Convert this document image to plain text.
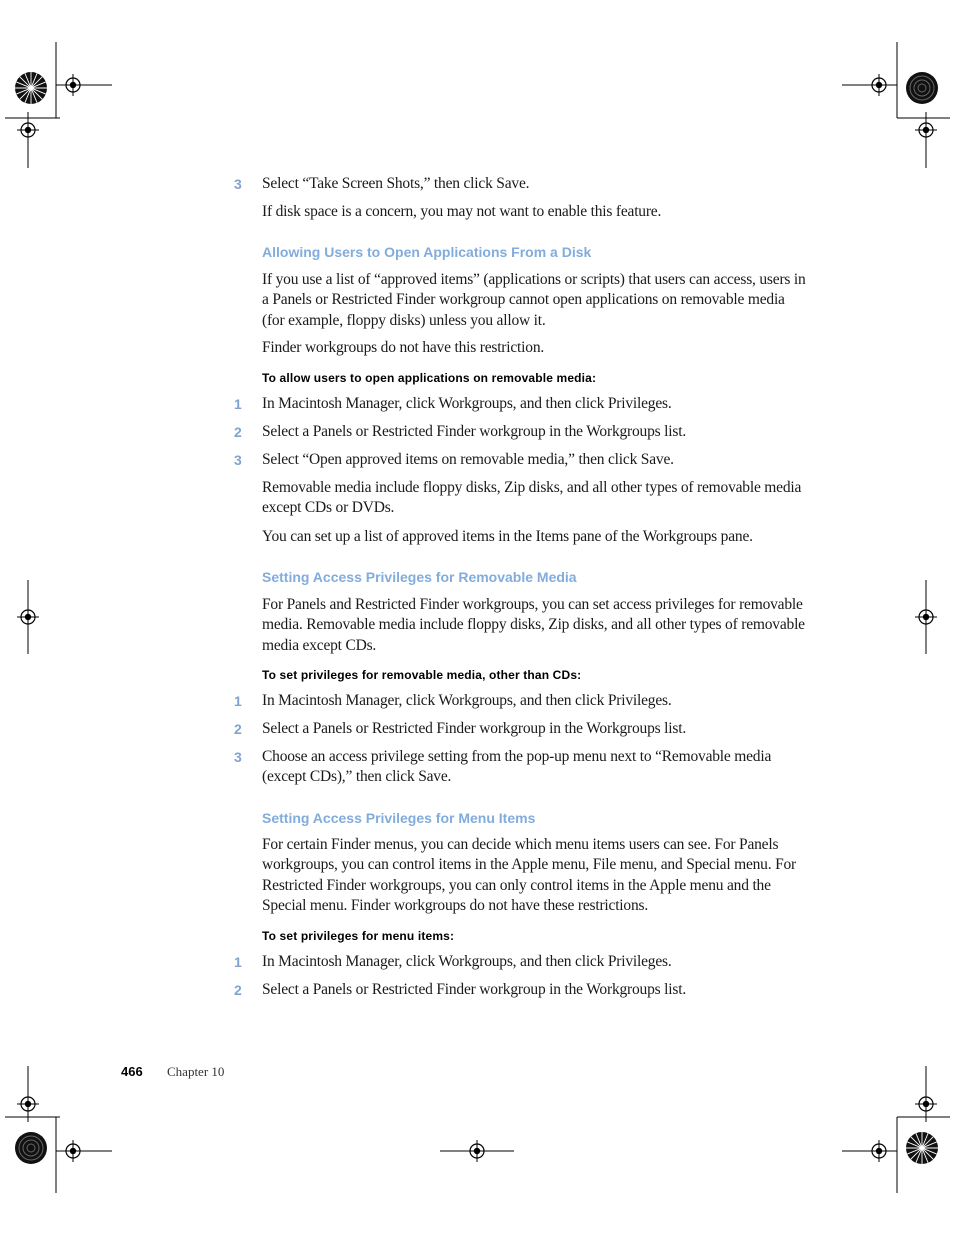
3	Select “Take Screen Shots,” then click Save.
If disk space is a concern, you may not want to enable this feature.
Allowing Users to Open Applications From a Disk
If you use a list of “approved items” (applications or scripts) that users can access, users in a Panels or Restricted Finder workgroup cannot open applications on removable media (for example, floppy disks) unless you allow it.
Finder workgroups do not have this restriction.
To allow users to open applications on removable media:
1	In Macintosh Manager, click Workgroups, and then click Privileges.
2	Select a Panels or Restricted Finder workgroup in the Workgroups list.
3	Select “Open approved items on removable media,” then click Save.
Removable media include floppy disks, Zip disks, and all other types of removable media except CDs or DVDs.
You can set up a list of approved items in the Items pane of the Workgroups pane.
Setting Access Privileges for Removable Media
For Panels and Restricted Finder workgroups, you can set access privileges for removable media. Removable media include floppy disks, Zip disks, and all other types of removable media except CDs.
To set privileges for removable media, other than CDs:
1	In Macintosh Manager, click Workgroups, and then click Privileges.
2	Select a Panels or Restricted Finder workgroup in the Workgroups list.
3	Choose an access privilege setting from the pop-up menu next to “Removable media (except CDs),” then click Save.
Setting Access Privileges for Menu Items
For certain Finder menus, you can decide which menu items users can see. For Panels workgroups, you can control items in the Apple menu, File menu, and Special menu. For Restricted Finder workgroups, you can only control items in the Apple menu and the Special menu. Finder workgroups do not have these restrictions.
To set privileges for menu items:
1	In Macintosh Manager, click Workgroups, and then click Privileges.
2	Select a Panels or Restricted Finder workgroup in the Workgroups list.
466 Chapter 10
